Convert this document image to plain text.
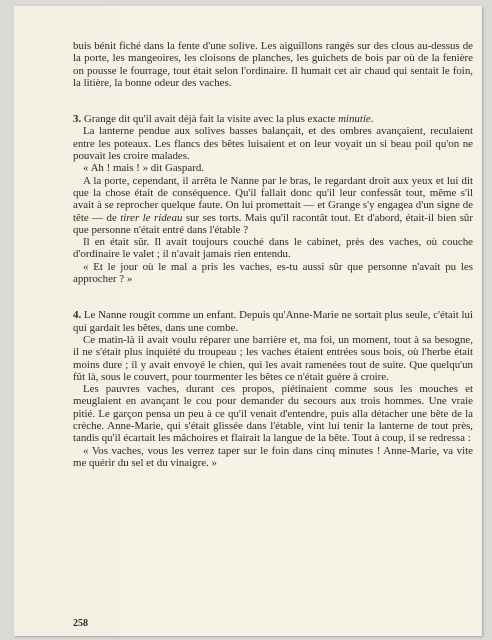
buis bénit fiché dans la fente d'une solive. Les aiguillons rangés sur des clous au-dessus de la porte, les mangeoires, les cloisons de planches, les guichets de bois par où de la fenière on pousse le fourrage, tout était selon l'ordinaire. Il humait cet air chaud qui sentait le foin, la litière, la bonne odeur des vaches.

3. Grange dit qu'il avait déjà fait la visite avec la plus exacte minutie.

La lanterne pendue aux solives basses balançait, et des ombres avançaient, reculaient entre les poteaux. Les flancs des bêtes luisaient et on leur voyait un si beau poil qu'on ne pouvait les croire malades.

« Ah ! mais ! » dit Gaspard.

A la porte, cependant, il arrêta le Nanne par le bras, le regardant droit aux yeux et lui dit que la chose était de conséquence. Qu'il fallait donc qu'il leur confessât tout, même s'il avait à se reprocher quelque faute. On lui promettait — et Grange s'y engagea d'un signe de tête — de tirer le rideau sur ses torts. Mais qu'il racontât tout. Et d'abord, était-il bien sûr que personne n'était entré dans l'étable ?

Il en était sûr. Il avait toujours couché dans le cabinet, près des vaches, où couche d'ordinaire le valet ; il n'avait jamais rien entendu.

« Et le jour où le mal a pris les vaches, es-tu aussi sûr que personne n'avait pu les approcher ? »

4. Le Nanne rougit comme un enfant. Depuis qu'Anne-Marie ne sortait plus seule, c'était lui qui gardait les bêtes, dans une combe.

Ce matin-là il avait voulu réparer une barrière et, ma foi, un moment, tout à sa besogne, il ne s'était plus inquiété du troupeau ; les vaches étaient entrées sous bois, où l'herbe était moins dure ; il y avait envoyé le chien, qui les avait ramenées tout de suite. Que quelqu'un fût là, sous le couvert, pour tourmenter les bêtes ce n'était guère à croire.

Les pauvres vaches, durant ces propos, piétinaient comme sous les mouches et meuglaient en avançant le cou pour demander du secours aux trois hommes. Une vraie pitié. Le garçon pensa un peu à ce qu'il venait d'entendre, puis alla détacher une bête de la crèche. Anne-Marie, qui s'était glissée dans l'étable, vint lui tenir la lanterne de tout près, tandis qu'il écartait les mâchoires et flairait la langue de la bête. Tout à coup, il se redressa :

« Vos vaches, vous les verrez taper sur le foin dans cinq minutes ! Anne-Marie, va vite me quérir du sel et du vinaigre. »

258
